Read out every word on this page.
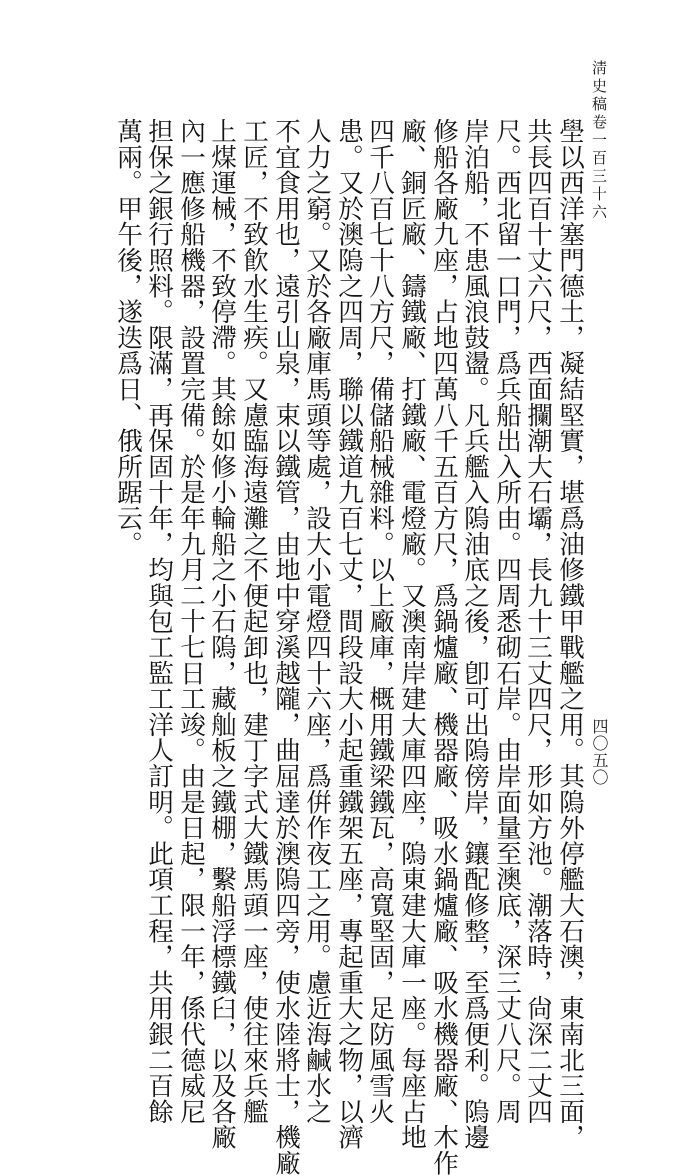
淸史稿卷一百三十六
四〇五〇
壆以西洋塞門德土，凝結堅實，堪爲油修鐵甲戰艦之用。其隖外停艦大石澳，東南北三面，
共長四百十丈六尺，西面攔潮大石壩，長九十三丈四尺，形如方池。潮落時，尙深二丈四
尺。西北留一口門，爲兵船出入所由。四周悉砌石岸。由岸面量至澳底，深三丈八尺。周
岸泊船，不患風浪鼓盪。凡兵艦入隖油底之後，卽可出隖傍岸，鑲配修整，至爲便利。隖邊
修船各廠九座，占地四萬八千五百方尺，爲鍋爐廠、機器廠、吸水鍋爐廠、吸水機器廠、木作
廠、銅匠廠、鑄鐵廠、打鐵廠、電燈廠。又澳南岸建大庫四座，隖東建大庫一座。每座占地
四千八百七十八方尺，備儲船械雜料。以上廠庫，概用鐵梁鐵瓦，高寬堅固，足防風雪火
患。又於澳隖之四周，聯以鐵道九百七丈，間段設大小起重鐵架五座，專起重大之物，以濟
人力之窮。又於各廠庫馬頭等處，設大小電燈四十六座，爲倂作夜工之用。慮近海鹹水之
不宜食用也，遠引山泉，束以鐵管，由地中穿溪越隴，曲屈達於澳隖四旁，使水陸將士，機廠
工匠，不致飮水生疾。又慮臨海遠灘之不便起卸也，建丁字式大鐵馬頭一座，使往來兵艦
上煤運械，不致停滯。其餘如修小輪船之小石隖，藏舢板之鐵棚，繫船浮標鐵臼，以及各廠
內一應修船機器，設置完備。於是年九月二十七日工竣。由是日起，限一年，係代德威尼
担保之銀行照料。限滿，再保固十年，均與包工監工洋人訂明。此項工程，共用銀二百餘
萬兩。甲午後，遂迭爲日、俄所踞云。
